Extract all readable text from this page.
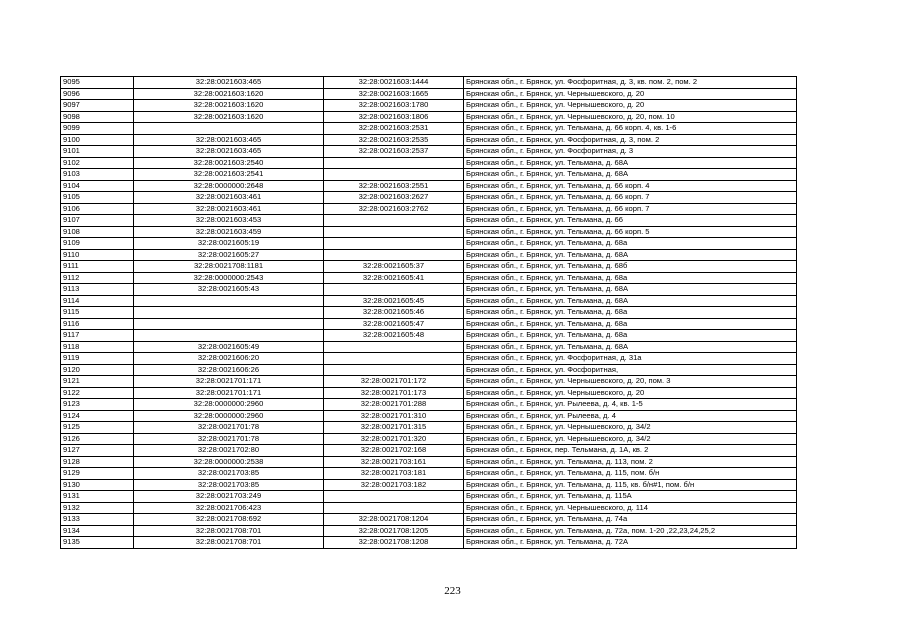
9095	32:28:0021603:465	32:28:0021603:1444	Брянская обл., г. Брянск, ул. Фосфоритная, д. 3, кв. пом. 2, пом. 2
9096	32:28:0021603:1620	32:28:0021603:1665	Брянская обл., г. Брянск, ул. Чернышевского, д. 20
9097	32:28:0021603:1620	32:28:0021603:1780	Брянская обл., г. Брянск, ул. Чернышевского, д. 20
9098	32:28:0021603:1620	32:28:0021603:1806	Брянская обл., г. Брянск, ул. Чернышевского, д. 20, пом. 10
9099		32:28:0021603:2531	Брянская обл., г. Брянск, ул. Тельмана, д. 66 корп. 4, кв. 1-6
9100	32:28:0021603:465	32:28:0021603:2535	Брянская обл., г. Брянск, ул. Фосфоритная, д. 3, пом. 2
9101	32:28:0021603:465	32:28:0021603:2537	Брянская обл., г. Брянск, ул. Фосфоритная, д. 3
9102	32:28:0021603:2540		Брянская обл., г. Брянск, ул. Тельмана, д. 68А
9103	32:28:0021603:2541		Брянская обл., г. Брянск, ул. Тельмана, д. 68А
9104	32:28:0000000:2648	32:28:0021603:2551	Брянская обл., г. Брянск, ул. Тельмана, д. 66 корп. 4
9105	32:28:0021603:461	32:28:0021603:2627	Брянская обл., г. Брянск, ул. Тельмана, д. 66 корп. 7
9106	32:28:0021603:461	32:28:0021603:2762	Брянская обл., г. Брянск, ул. Тельмана, д. 66 корп. 7
9107	32:28:0021603:453		Брянская обл., г. Брянск, ул. Тельмана, д. 66
9108	32:28:0021603:459		Брянская обл., г. Брянск, ул. Тельмана, д. 66 корп. 5
9109	32:28:0021605:19		Брянская обл., г. Брянск, ул. Тельмана, д. 68а
9110	32:28:0021605:27		Брянская обл., г. Брянск, ул. Тельмана, д. 68А
9111	32:28:0021708:1181	32:28:0021605:37	Брянская обл., г. Брянск, ул. Тельмана, д. 68б
9112	32:28:0000000:2543	32:28:0021605:41	Брянская обл., г. Брянск, ул. Тельмана, д. 68а
9113	32:28:0021605:43		Брянская обл., г. Брянск, ул. Тельмана, д. 68А
9114		32:28:0021605:45	Брянская обл., г. Брянск, ул. Тельмана, д. 68А
9115		32:28:0021605:46	Брянская обл., г. Брянск, ул. Тельмана, д. 68а
9116		32:28:0021605:47	Брянская обл., г. Брянск, ул. Тельмана, д. 68а
9117		32:28:0021605:48	Брянская обл., г. Брянск, ул. Тельмана, д. 68а
9118	32:28:0021605:49		Брянская обл., г. Брянск, ул. Тельмана, д. 68А
9119	32:28:0021606:20		Брянская обл., г. Брянск, ул. Фосфоритная, д. 31а
9120	32:28:0021606:26		Брянская обл., г. Брянск, ул. Фосфоритная,
9121	32:28:0021701:171	32:28:0021701:172	Брянская обл., г. Брянск, ул. Чернышевского, д. 20, пом. 3
9122	32:28:0021701:171	32:28:0021701:173	Брянская обл., г. Брянск, ул. Чернышевского, д. 20
9123	32:28:0000000:2960	32:28:0021701:288	Брянская обл., г. Брянск, ул. Рылеева, д. 4, кв. 1-5
9124	32:28:0000000:2960	32:28:0021701:310	Брянская обл., г. Брянск, ул. Рылеева, д. 4
9125	32:28:0021701:78	32:28:0021701:315	Брянская обл., г. Брянск, ул. Чернышевского, д. 34/2
9126	32:28:0021701:78	32:28:0021701:320	Брянская обл., г. Брянск, ул. Чернышевского, д. 34/2
9127	32:28:0021702:80	32:28:0021702:168	Брянская обл., г. Брянск, пер. Тельмана, д. 1А, кв. 2
9128	32:28:0000000:2538	32:28:0021703:161	Брянская обл., г. Брянск, ул. Тельмана, д. 113, пом. 2
9129	32:28:0021703:85	32:28:0021703:181	Брянская обл., г. Брянск, ул. Тельмана, д. 115, пом. б/н
9130	32:28:0021703:85	32:28:0021703:182	Брянская обл., г. Брянск, ул. Тельмана, д. 115, кв. б/н#1, пом. б/н
9131	32:28:0021703:249		Брянская обл., г. Брянск, ул. Тельмана, д. 115А
9132	32:28:0021706:423		Брянская обл., г. Брянск, ул. Чернышевского, д. 114
9133	32:28:0021708:692	32:28:0021708:1204	Брянская обл., г. Брянск, ул. Тельмана, д. 74а
9134	32:28:0021708:701	32:28:0021708:1205	Брянская обл., г. Брянск, ул. Тельмана, д. 72а, пом. 1-20 ,22,23,24,25,2
9135	32:28:0021708:701	32:28:0021708:1208	Брянская обл., г. Брянск, ул. Тельмана, д. 72А
223
